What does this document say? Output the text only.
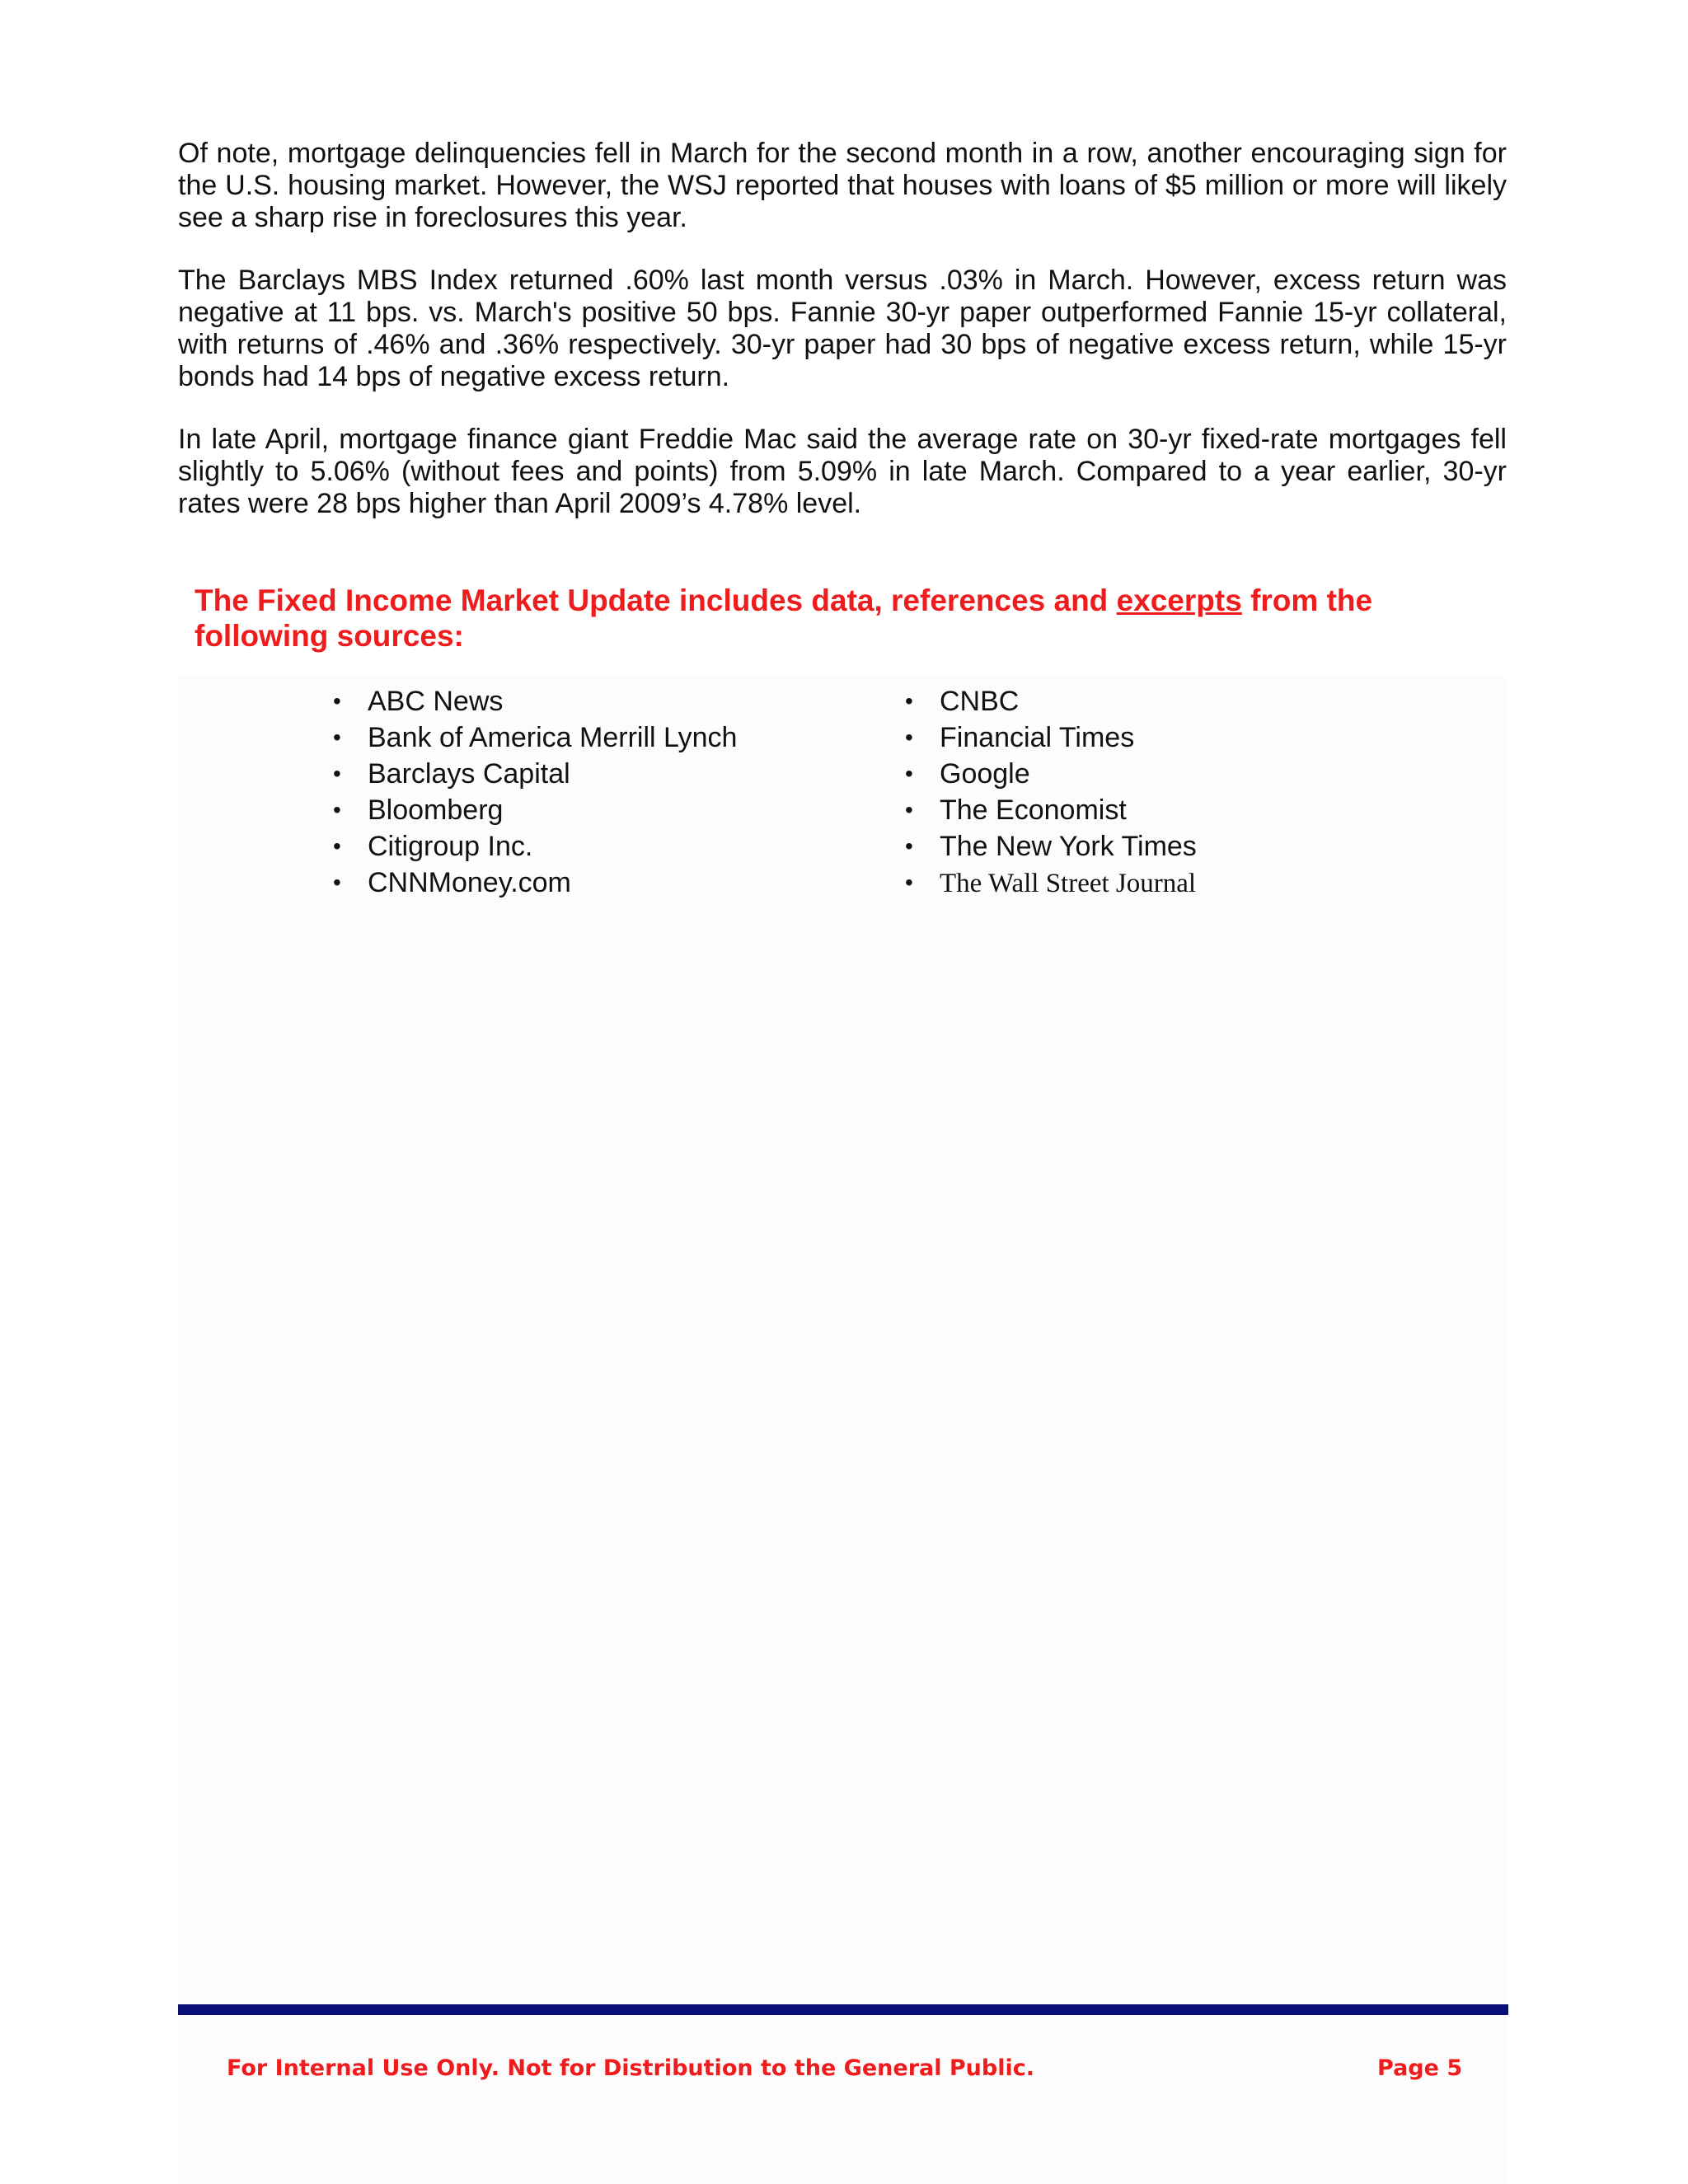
Of note, mortgage delinquencies fell in March for the second month in a row, another encouraging sign for the U.S. housing market. However, the WSJ reported that houses with loans of $5 million or more will likely see a sharp rise in foreclosures this year.

The Barclays MBS Index returned .60% last month versus .03% in March. However, excess return was negative at 11 bps. vs. March's positive 50 bps. Fannie 30-yr paper outperformed Fannie 15-yr collateral, with returns of .46% and .36% respectively. 30-yr paper had 30 bps of negative excess return, while 15-yr bonds had 14 bps of negative excess return.

In late April, mortgage finance giant Freddie Mac said the average rate on 30-yr fixed-rate mortgages fell slightly to 5.06% (without fees and points) from 5.09% in late March. Compared to a year earlier, 30-yr rates were 28 bps higher than April 2009’s 4.78% level.

The Fixed Income Market Update includes data, references and excerpts from the following sources:

• ABC News
• Bank of America Merrill Lynch
• Barclays Capital
• Bloomberg
• Citigroup Inc.
• CNNMoney.com
• CNBC
• Financial Times
• Google
• The Economist
• The New York Times
• The Wall Street Journal
For Internal Use Only. Not for Distribution to the General Public.	Page 5
